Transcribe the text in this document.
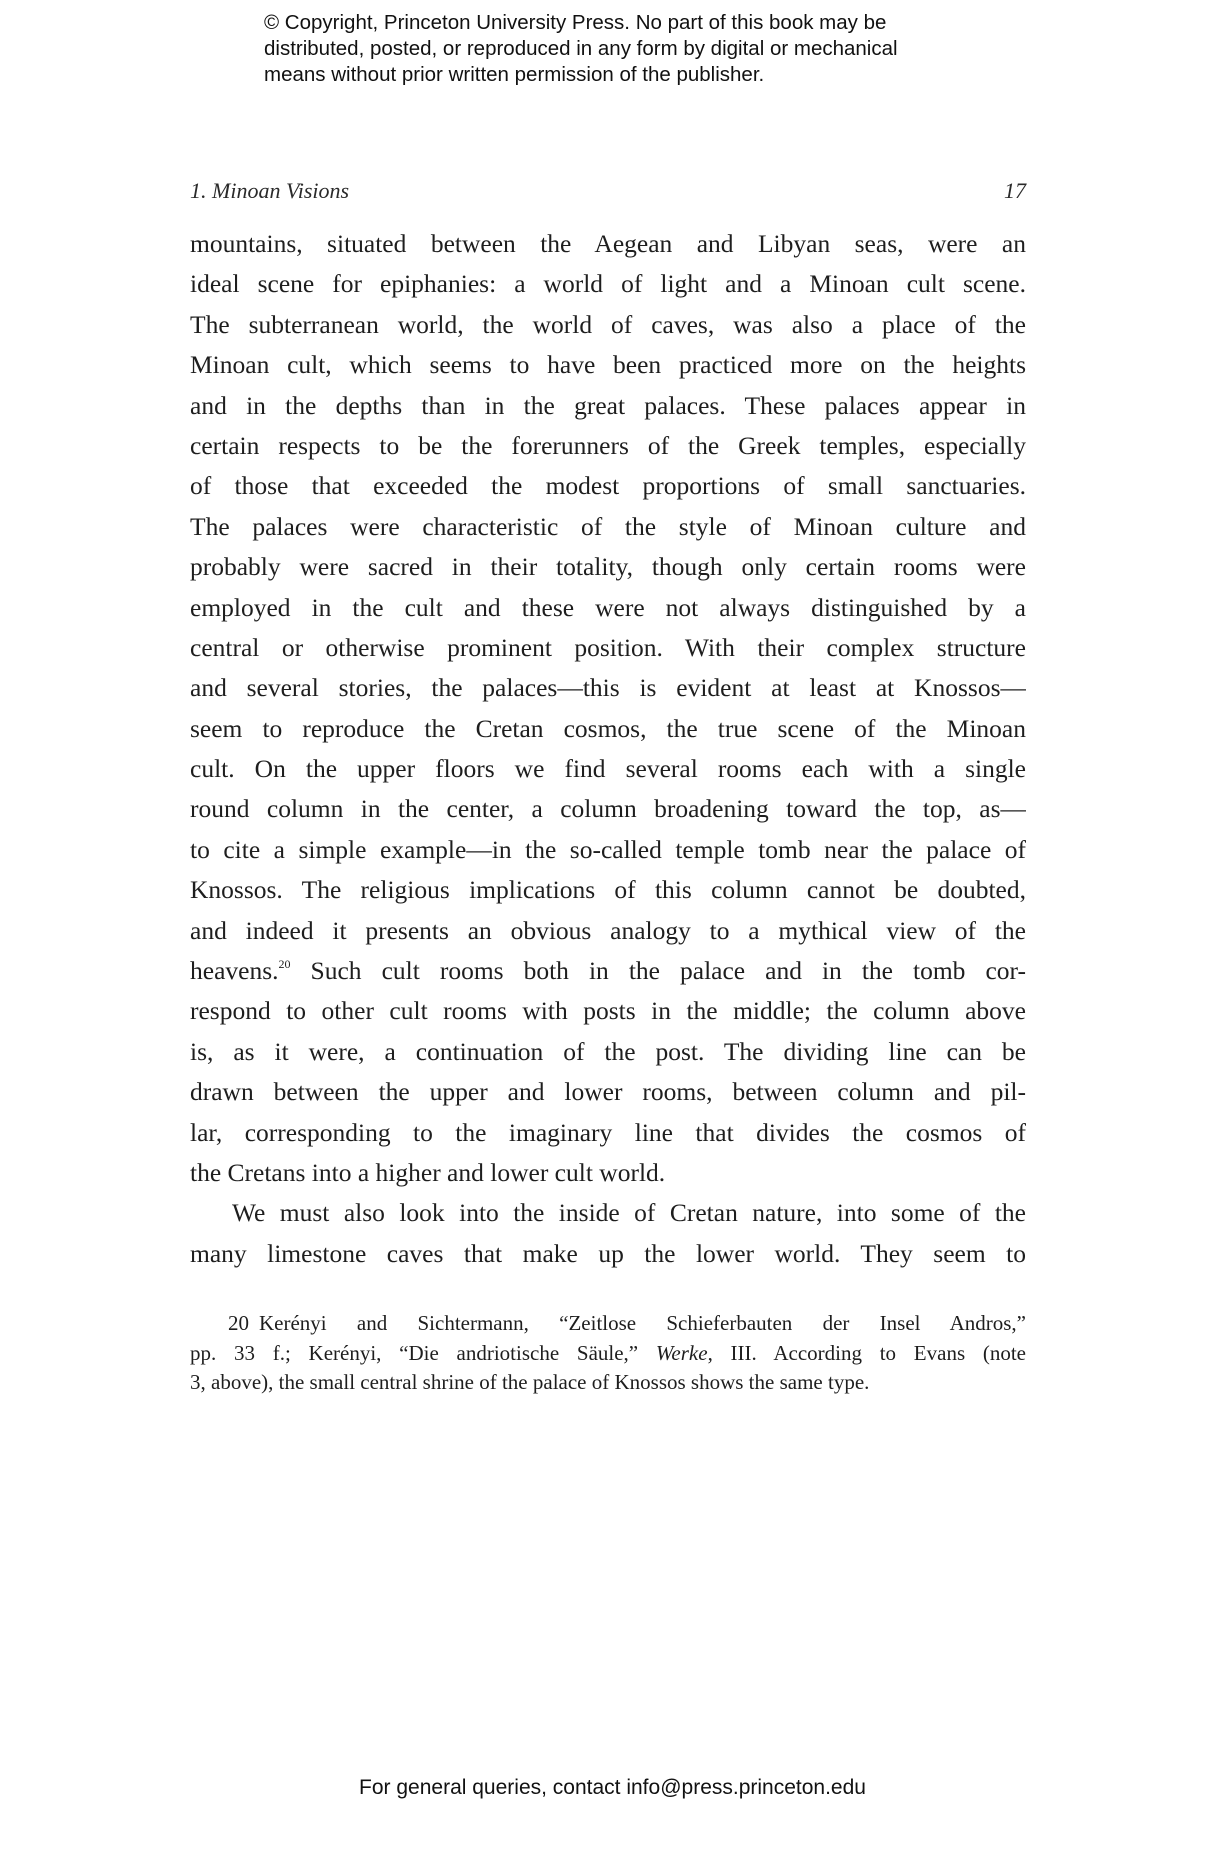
© Copyright, Princeton University Press. No part of this book may be
distributed, posted, or reproduced in any form by digital or mechanical
means without prior written permission of the publisher.
1. Minoan Visions	17
mountains, situated between the Aegean and Libyan seas, were an
ideal scene for epiphanies: a world of light and a Minoan cult scene.
The subterranean world, the world of caves, was also a place of the
Minoan cult, which seems to have been practiced more on the heights
and in the depths than in the great palaces. These palaces appear in
certain respects to be the forerunners of the Greek temples, especially
of those that exceeded the modest proportions of small sanctuaries.
The palaces were characteristic of the style of Minoan culture and
probably were sacred in their totality, though only certain rooms were
employed in the cult and these were not always distinguished by a
central or otherwise prominent position. With their complex structure
and several stories, the palaces—this is evident at least at Knossos—
seem to reproduce the Cretan cosmos, the true scene of the Minoan
cult. On the upper floors we find several rooms each with a single
round column in the center, a column broadening toward the top, as—
to cite a simple example—in the so-called temple tomb near the palace of
Knossos. The religious implications of this column cannot be doubted,
and indeed it presents an obvious analogy to a mythical view of the
heavens.$^{20}$ Such cult rooms both in the palace and in the tomb cor-
respond to other cult rooms with posts in the middle; the column above
is, as it were, a continuation of the post. The dividing line can be
drawn between the upper and lower rooms, between column and pil-
lar, corresponding to the imaginary line that divides the cosmos of
the Cretans into a higher and lower cult world.
We must also look into the inside of Cretan nature, into some of the
many limestone caves that make up the lower world. They seem to
20 Kerényi and Sichtermann, “Zeitlose Schieferbauten der Insel Andros,”
pp. 33 f.; Kerényi, “Die andriotische Säule,” Werke, III. According to Evans (note
3, above), the small central shrine of the palace of Knossos shows the same type.
For general queries, contact info@press.princeton.edu
